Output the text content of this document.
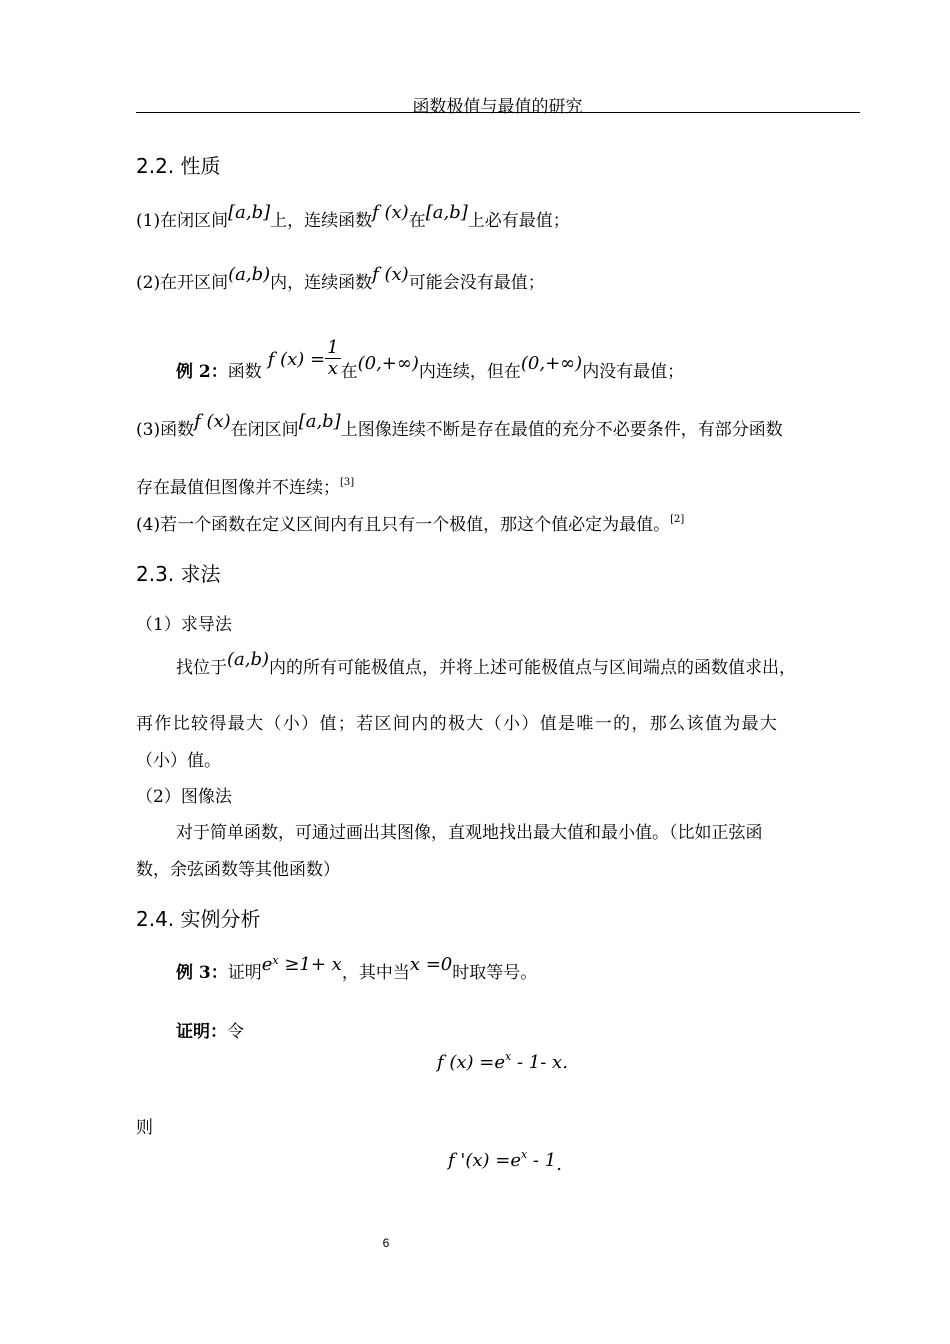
函数极值与最值的研究
2.2. 性质
(1)在闭区间[a,b]上，连续函数f (x)在[a,b]上必有最值；
(2)在开区间(a,b)内，连续函数f (x)可能会没有最值；
例 2：函数f $(x) = \frac{1}{x}$ 在(0,+∞)内连续，但在(0,+∞)内没有最值；
(3)函数f (x)在闭区间[a,b]上图像连续不断是存在最值的充分不必要条件，有部分函数
存在最值但图像并不连续；[3]
(4)若一个函数在定义区间内有且只有一个极值，那这个值必定为最值。[2]
2.3. 求法
（1）求导法
找位于(a,b)内的所有可能极值点，并将上述可能极值点与区间端点的函数值求出，
再作比较得最大（小）值；若区间内的极大（小）值是唯一的，那么该值为最大
（小）值。
（2）图像法
对于简单函数，可通过画出其图像，直观地找出最大值和最小值。（比如正弦函
数，余弦函数等其他函数）
2.4. 实例分析
例 3：证明$e^x \ge 1+ x$，其中当x =0时取等号。
证明：令
f $(x) =e^x - 1-$ x.
则
f '$(x) =e^x - 1$.
6
